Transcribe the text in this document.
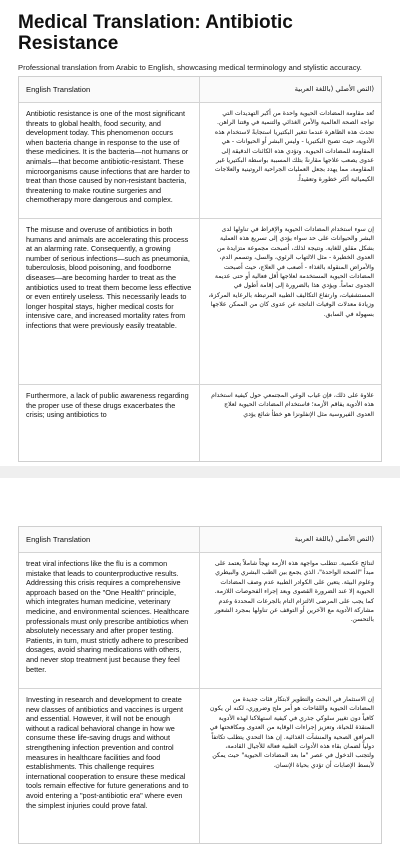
Medical Translation: Antibiotic Resistance
Professional translation from Arabic to English, showcasing medical terminology and stylistic accuracy.
English Translation	(النص الأصلي (باللغة العربية
Antibiotic resistance is one of the most significant threats to global health, food security, and development today. This phenomenon occurs when bacteria change in response to the use of these medicines. It is the bacteria—not humans or animals—that become antibiotic-resistant. These microorganisms cause infections that are harder to treat than those caused by non-resistant bacteria, threatening to make routine surgeries and chemotherapy more dangerous and complex.
تُعد مقاومة المضادات الحيوية واحدة من أكبر التهديدات التي تواجه الصحة العالمية والأمن الغذائي والتنمية في وقتنا الراهن. تحدث هذه الظاهرة عندما تتغير البكتيريا استجابةً لاستخدام هذه الأدوية، حيث تصبح البكتيريا - وليس البشر أو الحيوانات - هي المقاومة للمضادات الحيوية. وتؤدي هذه الكائنات الدقيقة إلى عدوى يصعب علاجها مقارنةً بتلك المسببة بواسطة البكتيريا غير المقاومة، مما يهدد بجعل العمليات الجراحية الروتينية والعلاجات الكيميائية أكثر خطورة وتعقيداً.
The misuse and overuse of antibiotics in both humans and animals are accelerating this process at an alarming rate. Consequently, a growing number of serious infections—such as pneumonia, tuberculosis, blood poisoning, and foodborne diseases—are becoming harder to treat as the antibiotics used to treat them become less effective or even entirely useless. This necessarily leads to longer hospital stays, higher medical costs for intensive care, and increased mortality rates from infections that were previously easily treatable.
إن سوء استخدام المضادات الحيوية والإفراط في تناولها لدى البشر والحيوانات على حد سواء يؤدي إلى تسريع هذه العملية بشكل مقلق للغاية. ونتيجة لذلك، أصبحت مجموعة متزايدة من العدوى الخطيرة - مثل الالتهاب الرئوي، والسل، وتسمم الدم، والأمراض المنقولة بالغذاء - أصعب في العلاج، حيث أصبحت المضادات الحيوية المستخدمة لعلاجها أقل فعالية أو حتى عديمة الجدوى تماماً. ويؤدي هذا بالضرورة إلى إقامة أطول في المستشفيات، وارتفاع التكاليف الطبية المرتبطة بالرعاية المركزة، وزيادة معدلات الوفيات الناتجة عن عدوى كان من الممكن علاجها بسهولة في السابق.
Furthermore, a lack of public awareness regarding the proper use of these drugs exacerbates the crisis; using antibiotics to
علاوة على ذلك، فإن غياب الوعي المجتمعي حول كيفية استخدام هذه الأدوية يفاقم الأزمة؛ فاستخدام المضادات الحيوية لعلاج العدوى الفيروسية مثل الإنفلونزا هو خطأ شائع يؤدي
English Translation	(النص الأصلي (باللغة العربية
treat viral infections like the flu is a common mistake that leads to counterproductive results. Addressing this crisis requires a comprehensive approach based on the "One Health" principle, which integrates human medicine, veterinary medicine, and environmental sciences. Healthcare professionals must only prescribe antibiotics when absolutely necessary and after proper testing. Patients, in turn, must strictly adhere to prescribed dosages, avoid sharing medications with others, and never stop treatment just because they feel better.
لنتائج عكسية. تتطلب مواجهة هذه الأزمة نهجاً شاملاً يعتمد على مبدأ "الصحة الواحدة"، الذي يجمع بين الطب البشري والبيطري وعلوم البيئة. يتعين على الكوادر الطبية عدم وصف المضادات الحيوية إلا عند الضرورة القصوى وبعد إجراء الفحوصات اللازمة. كما يجب على المرضى الالتزام التام بالجرعات المحددة وعدم مشاركة الأدوية مع الآخرين أو التوقف عن تناولها بمجرد الشعور بالتحسن.
Investing in research and development to create new classes of antibiotics and vaccines is urgent and essential. However, it will not be enough without a radical behavioral change in how we consume these life-saving drugs and without strengthening infection prevention and control measures in healthcare facilities and food establishments. This challenge requires international cooperation to ensure these medical tools remain effective for future generations and to avoid entering a "post-antibiotic era" where even the simplest injuries could prove fatal.
إن الاستثمار في البحث والتطوير لابتكار فئات جديدة من المضادات الحيوية واللقاحات هو أمر ملح وضروري، لكنه لن يكون كافياً دون تغيير سلوكي جذري في كيفية استهلاكنا لهذه الأدوية المنقذة للحياة، وتعزيز إجراءات الوقاية من العدوى ومكافحتها في المرافق الصحية والمنشآت الغذائية. إن هذا التحدي يتطلب تكاتفاً دولياً لضمان بقاء هذه الأدوات الطبية فعالة للأجيال القادمة، ولتجنب الدخول في عصر "ما بعد المضادات الحيوية" حيث يمكن لأبسط الإصابات أن تؤدي بحياة الإنسان.
